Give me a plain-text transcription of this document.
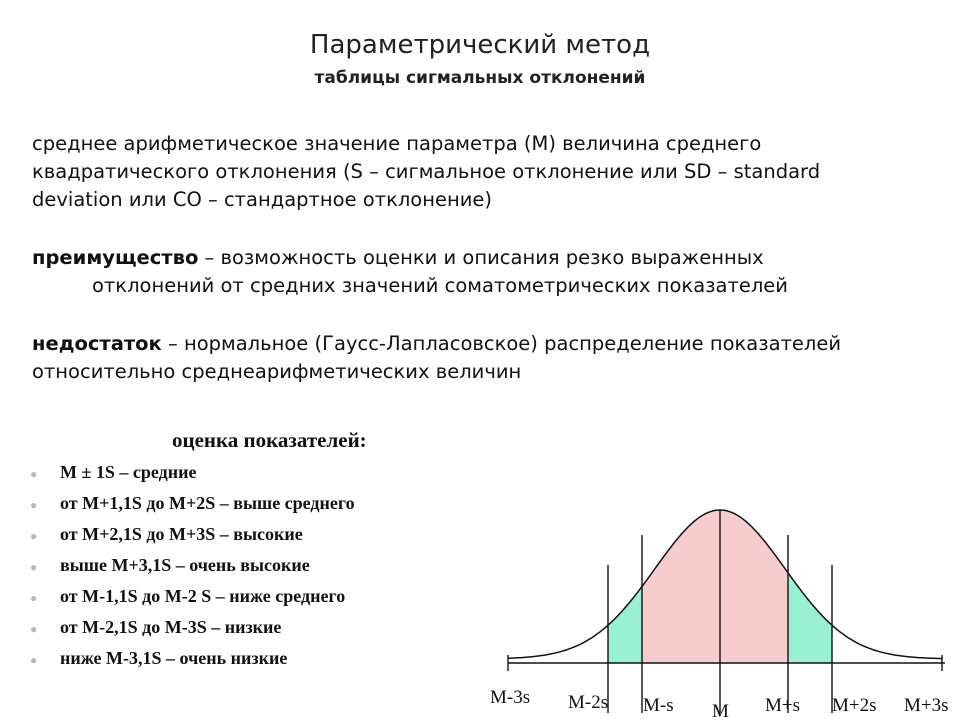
Параметрический метод
таблицы сигмальных отклонений
среднее арифметическое значение параметра (М) величина среднего
квадратического отклонения (S – сигмальное отклонение или SD – standard
deviation или СО – стандартное отклонение)
преимущество – возможность оценки и описания резко выраженных
отклонений от средних значений соматометрических показателей
недостаток – нормальное (Гаусс-Лапласовское) распределение показателей
относительно среднеарифметических величин
оценка показателей:
● М ± 1S – средние
● от М+1,1S до М+2S – выше среднего
● от М+2,1S до М+3S – высокие
● выше М+3,1S – очень высокие
● от М-1,1S до М-2 S – ниже среднего
● от М-2,1S до М-3S – низкие
● ниже М-3,1S – очень низкие
M-3s M-2s M-s M M+s M+2s M+3s
